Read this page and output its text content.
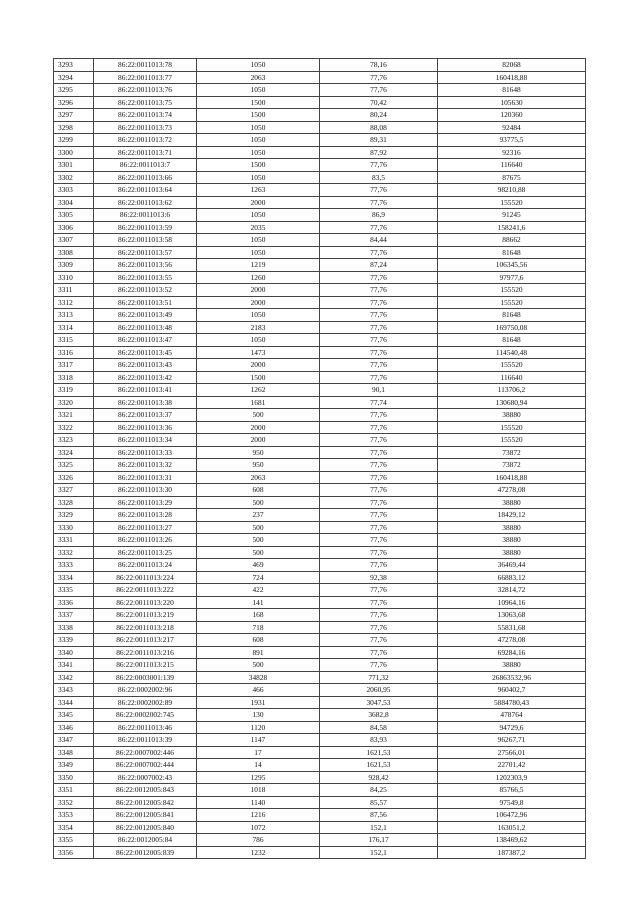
3293	86:22:0011013:78	1050	78,16	82068
3294	86:22:0011013:77	2063	77,76	160418,88
3295	86:22:0011013:76	1050	77,76	81648
3296	86:22:0011013:75	1500	70,42	105630
3297	86:22:0011013:74	1500	80,24	120360
3298	86:22:0011013:73	1050	88,08	92484
3299	86:22:0011013:72	1050	89,31	93775,5
3300	86:22:0011013:71	1050	87,92	92316
3301	86:22:0011013:7	1500	77,76	116640
3302	86:22:0011013:66	1050	83,5	87675
3303	86:22:0011013:64	1263	77,76	98210,88
3304	86:22:0011013:62	2000	77,76	155520
3305	86:22:0011013:6	1050	86,9	91245
3306	86:22:0011013:59	2035	77,76	158241,6
3307	86:22:0011013:58	1050	84,44	88662
3308	86:22:0011013:57	1050	77,76	81648
3309	86:22:0011013:56	1219	87,24	106345,56
3310	86:22:0011013:55	1260	77,76	97977,6
3311	86:22:0011013:52	2000	77,76	155520
3312	86:22:0011013:51	2000	77,76	155520
3313	86:22:0011013:49	1050	77,76	81648
3314	86:22:0011013:48	2183	77,76	169750,08
3315	86:22:0011013:47	1050	77,76	81648
3316	86:22:0011013:45	1473	77,76	114540,48
3317	86:22:0011013:43	2000	77,76	155520
3318	86:22:0011013:42	1500	77,76	116640
3319	86:22:0011013:41	1262	90,1	113706,2
3320	86:22:0011013:38	1681	77,74	130680,94
3321	86:22:0011013:37	500	77,76	38880
3322	86:22:0011013:36	2000	77,76	155520
3323	86:22:0011013:34	2000	77,76	155520
3324	86:22:0011013:33	950	77,76	73872
3325	86:22:0011013:32	950	77,76	73872
3326	86:22:0011013:31	2063	77,76	160418,88
3327	86:22:0011013:30	608	77,76	47278,08
3328	86:22:0011013:29	500	77,76	38880
3329	86:22:0011013:28	237	77,76	18429,12
3330	86:22:0011013:27	500	77,76	38880
3331	86:22:0011013:26	500	77,76	38880
3332	86:22:0011013:25	500	77,76	38880
3333	86:22:0011013:24	469	77,76	36469,44
3334	86:22:0011013:224	724	92,38	66883,12
3335	86:22:0011013:222	422	77,76	32814,72
3336	86:22:0011013:220	141	77,76	10964,16
3337	86:22:0011013:219	168	77,76	13063,68
3338	86:22:0011013:218	718	77,76	55831,68
3339	86:22:0011013:217	608	77,76	47278,08
3340	86:22:0011013:216	891	77,76	69284,16
3341	86:22:0011013:215	500	77,76	38880
3342	86:22:0003001:139	34828	771,32	26863532,96
3343	86:22:0002002:96	466	2060,95	960402,7
3344	86:22:0002002:89	1931	3047,53	5884780,43
3345	86:22:0002002:745	130	3682,8	478764
3346	86:22:0011013:46	1120	84,58	94729,6
3347	86:22:0011013:39	1147	83,93	96267,71
3348	86:22:0007002:446	17	1621,53	27566,01
3349	86:22:0007002:444	14	1621,53	22701,42
3350	86:22:0007002:43	1295	928,42	1202303,9
3351	86:22:0012005:843	1018	84,25	85766,5
3352	86:22:0012005:842	1140	85,57	97549,8
3353	86:22:0012005:841	1216	87,56	106472,96
3354	86:22:0012005:840	1072	152,1	163051,2
3355	86:22:0012005:84	786	176,17	138469,62
3356	86:22:0012005:839	1232	152,1	187387,2
